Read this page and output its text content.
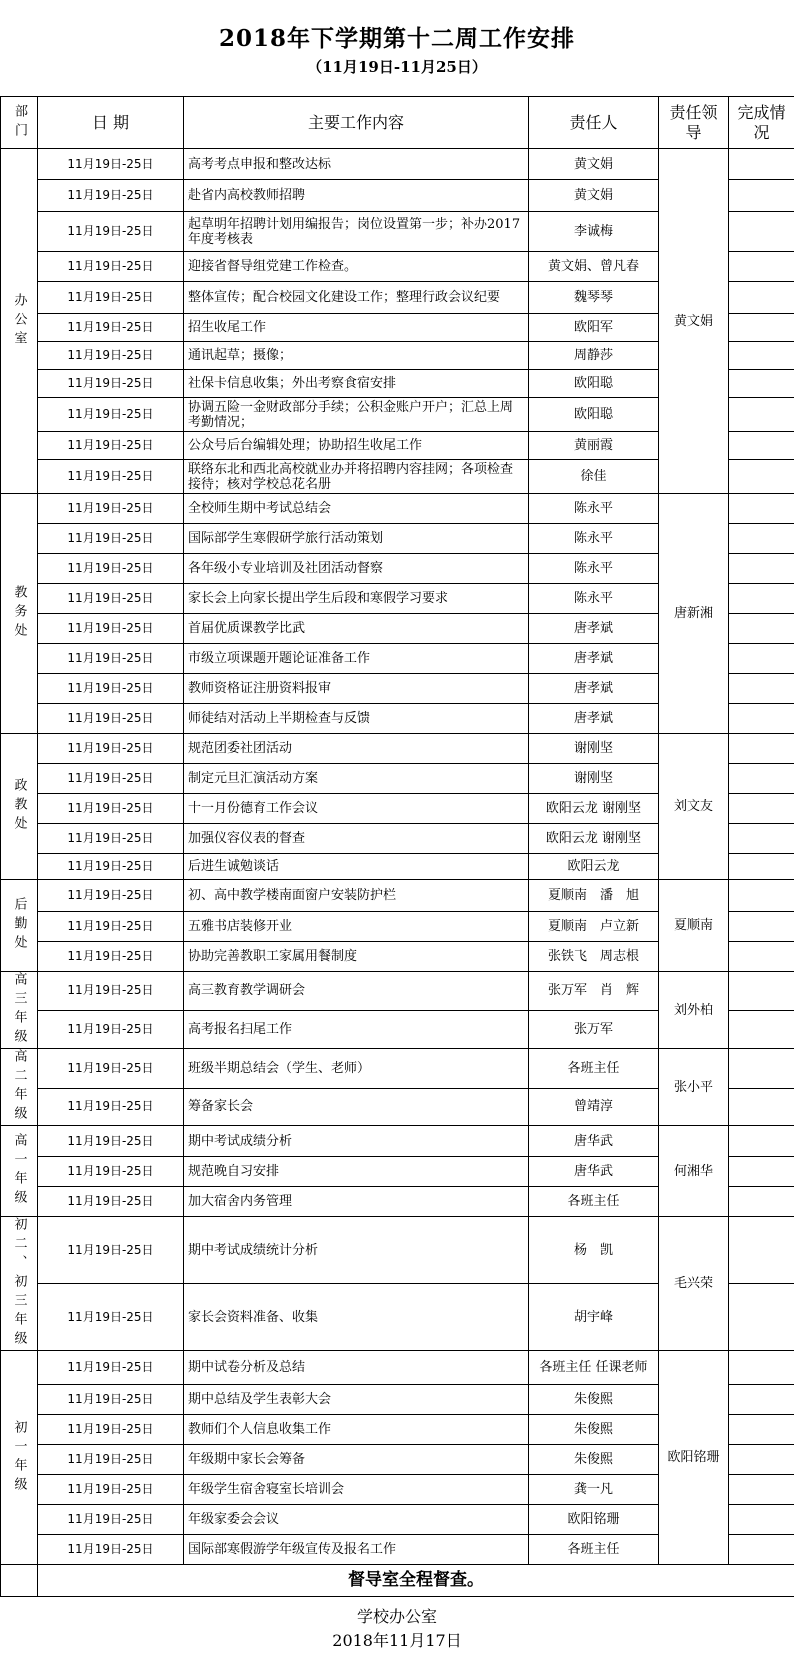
2018年下学期第十二周工作安排
（11月19日-11月25日）
部门	日 期	主要工作内容	责任人	责任领导	完成情况
办公室	11月19日-25日	高考考点申报和整改达标	黄文娟	黄文娟	
	11月19日-25日	赴省内高校教师招聘	黄文娟		
	11月19日-25日	起草明年招聘计划用编报告；岗位设置第一步；补办2017年度考核表	李诚梅		
	11月19日-25日	迎接省督导组党建工作检查。	黄文娟、曾凡春		
	11月19日-25日	整体宣传；配合校园文化建设工作；整理行政会议纪要	魏琴琴		
	11月19日-25日	招生收尾工作	欧阳军		
	11月19日-25日	通讯起草；摄像；	周静莎		
	11月19日-25日	社保卡信息收集；外出考察食宿安排	欧阳聪		
	11月19日-25日	协调五险一金财政部分手续；公积金账户开户；汇总上周考勤情况；	欧阳聪		
	11月19日-25日	公众号后台编辑处理；协助招生收尾工作	黄丽霞		
	11月19日-25日	联络东北和西北高校就业办并将招聘内容挂网；各项检查接待；核对学校总花名册	徐佳		
教务处	11月19日-25日	全校师生期中考试总结会	陈永平	唐新湘	
	11月19日-25日	国际部学生寒假研学旅行活动策划	陈永平		
	11月19日-25日	各年级小专业培训及社团活动督察	陈永平		
	11月19日-25日	家长会上向家长提出学生后段和寒假学习要求	陈永平		
	11月19日-25日	首届优质课教学比武	唐孝斌		
	11月19日-25日	市级立项课题开题论证准备工作	唐孝斌		
	11月19日-25日	教师资格证注册资料报审	唐孝斌		
	11月19日-25日	师徒结对活动上半期检查与反馈	唐孝斌		
政教处	11月19日-25日	规范团委社团活动	谢刚坚	刘文友	
	11月19日-25日	制定元旦汇演活动方案	谢刚坚		
	11月19日-25日	十一月份德育工作会议	欧阳云龙 谢刚坚		
	11月19日-25日	加强仪容仪表的督查	欧阳云龙 谢刚坚		
	11月19日-25日	后进生诚勉谈话	欧阳云龙		
后勤处	11月19日-25日	初、高中教学楼南面窗户安装防护栏	夏顺南　潘　旭	夏顺南	
	11月19日-25日	五雅书店装修开业	夏顺南　卢立新		
	11月19日-25日	协助完善教职工家属用餐制度	张铁飞　周志根		
高三年级	11月19日-25日	高三教育教学调研会	张万军　肖　辉	刘外柏	
	11月19日-25日	高考报名扫尾工作	张万军		
高二年级	11月19日-25日	班级半期总结会（学生、老师）	各班主任	张小平	
	11月19日-25日	筹备家长会	曾靖淳		
高一年级	11月19日-25日	期中考试成绩分析	唐华武	何湘华	
	11月19日-25日	规范晚自习安排	唐华武		
	11月19日-25日	加大宿舍内务管理	各班主任		
初二、初三年级	11月19日-25日	期中考试成绩统计分析	杨　凯	毛兴荣	
	11月19日-25日	家长会资料准备、收集	胡宇峰		
初一年级	11月19日-25日	期中试卷分析及总结	各班主任 任课老师	欧阳铭珊	
	11月19日-25日	期中总结及学生表彰大会	朱俊熙		
	11月19日-25日	教师们个人信息收集工作	朱俊熙		
	11月19日-25日	年级期中家长会筹备	朱俊熙		
	11月19日-25日	年级学生宿舍寝室长培训会	龚一凡		
	11月19日-25日	年级家委会会议	欧阳铭珊		
	11月19日-25日	国际部寒假游学年级宣传及报名工作	各班主任		
	督导室全程督查。				
学校办公室
2018年11月17日
